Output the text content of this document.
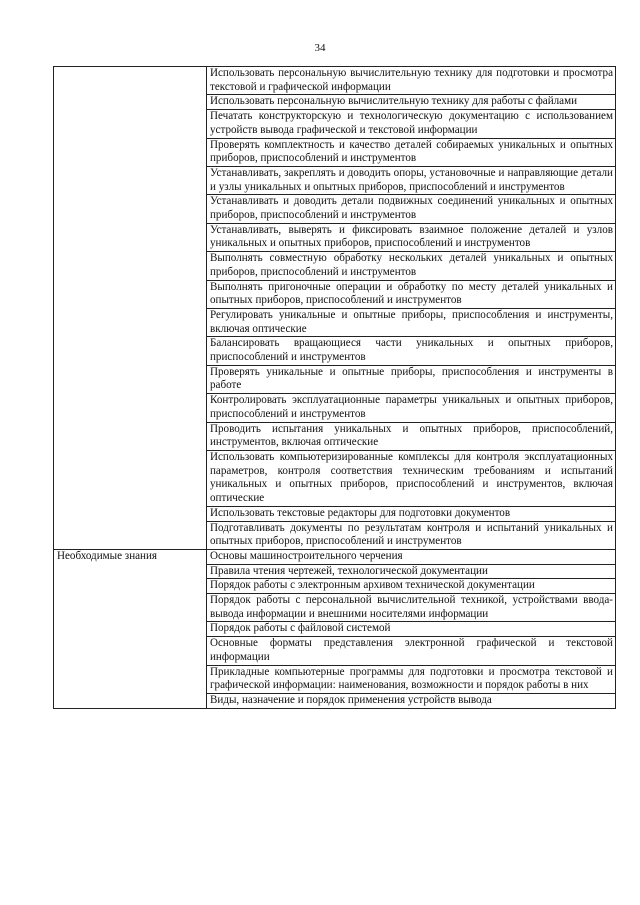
34
	Использовать персональную вычислительную технику для подготовки и просмотра текстовой и графической информации
	Использовать персональную вычислительную технику для работы с файлами
	Печатать конструкторскую и технологическую документацию с использованием устройств вывода графической и текстовой информации
	Проверять комплектность и качество деталей собираемых уникальных и опытных приборов, приспособлений и инструментов
	Устанавливать, закреплять и доводить опоры, установочные и направляющие детали и узлы уникальных и опытных приборов, приспособлений и инструментов
	Устанавливать и доводить детали подвижных соединений уникальных и опытных приборов, приспособлений и инструментов
	Устанавливать, выверять и фиксировать взаимное положение деталей и узлов уникальных и опытных приборов, приспособлений и инструментов
	Выполнять совместную обработку нескольких деталей уникальных и опытных приборов, приспособлений и инструментов
	Выполнять пригоночные операции и обработку по месту деталей уникальных и опытных приборов, приспособлений и инструментов
	Регулировать уникальные и опытные приборы, приспособления и инструменты, включая оптические
	Балансировать вращающиеся части уникальных и опытных приборов, приспособлений и инструментов
	Проверять уникальные и опытные приборы, приспособления и инструменты в работе
	Контролировать эксплуатационные параметры уникальных и опытных приборов, приспособлений и инструментов
	Проводить испытания уникальных и опытных приборов, приспособлений, инструментов, включая оптические
	Использовать компьютеризированные комплексы для контроля эксплуатационных параметров, контроля соответствия техническим требованиям и испытаний уникальных и опытных приборов, приспособлений и инструментов, включая оптические
	Использовать текстовые редакторы для подготовки документов
	Подготавливать документы по результатам контроля и испытаний уникальных и опытных приборов, приспособлений и инструментов
Необходимые знания	Основы машиностроительного черчения
	Правила чтения чертежей, технологической документации
	Порядок работы с электронным архивом технической документации
	Порядок работы с персональной вычислительной техникой, устройствами ввода-вывода информации и внешними носителями информации
	Порядок работы с файловой системой
	Основные форматы представления электронной графической и текстовой информации
	Прикладные компьютерные программы для подготовки и просмотра текстовой и графической информации: наименования, возможности и порядок работы в них
	Виды, назначение и порядок применения устройств вывода
